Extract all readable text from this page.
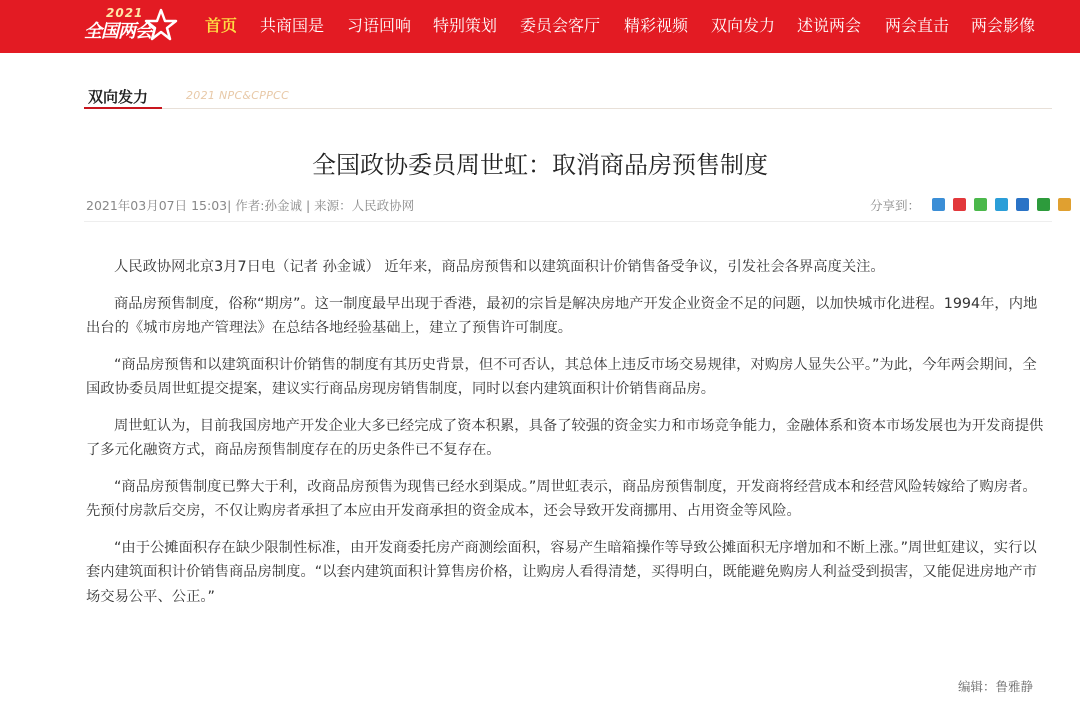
2021
全国两会	首页 共商国是 习语回响 特别策划 委员会客厅 精彩视频 双向发力 述说两会 两会直击 两会影像
双向发力	2021 NPC&CPPCC
全国政协委员周世虹：取消商品房预售制度
2021年03月07日 15:03| 作者:孙金诚 | 来源：人民政协网	分享到：

人民政协网北京3月7日电（记者 孙金诚） 近年来，商品房预售和以建筑面积计价销售备受争议，引发社会各界高度关注。

商品房预售制度，俗称“期房”。这一制度最早出现于香港，最初的宗旨是解决房地产开发企业资金不足的问题，以加快城市化进程。1994年，内地出台的《城市房地产管理法》在总结各地经验基础上，建立了预售许可制度。

“商品房预售和以建筑面积计价销售的制度有其历史背景，但不可否认，其总体上违反市场交易规律，对购房人显失公平。”为此，今年两会期间，全国政协委员周世虹提交提案，建议实行商品房现房销售制度，同时以套内建筑面积计价销售商品房。

周世虹认为，目前我国房地产开发企业大多已经完成了资本积累，具备了较强的资金实力和市场竞争能力，金融体系和资本市场发展也为开发商提供了多元化融资方式，商品房预售制度存在的历史条件已不复存在。

“商品房预售制度已弊大于利，改商品房预售为现售已经水到渠成。”周世虹表示，商品房预售制度，开发商将经营成本和经营风险转嫁给了购房者。先预付房款后交房，不仅让购房者承担了本应由开发商承担的资金成本，还会导致开发商挪用、占用资金等风险。

“由于公摊面积存在缺少限制性标准，由开发商委托房产商测绘面积，容易产生暗箱操作等导致公摊面积无序增加和不断上涨。”周世虹建议，实行以套内建筑面积计价销售商品房制度。“以套内建筑面积计算售房价格，让购房人看得清楚，买得明白，既能避免购房人利益受到损害，又能促进房地产市场交易公平、公正。”

编辑：鲁雅静
